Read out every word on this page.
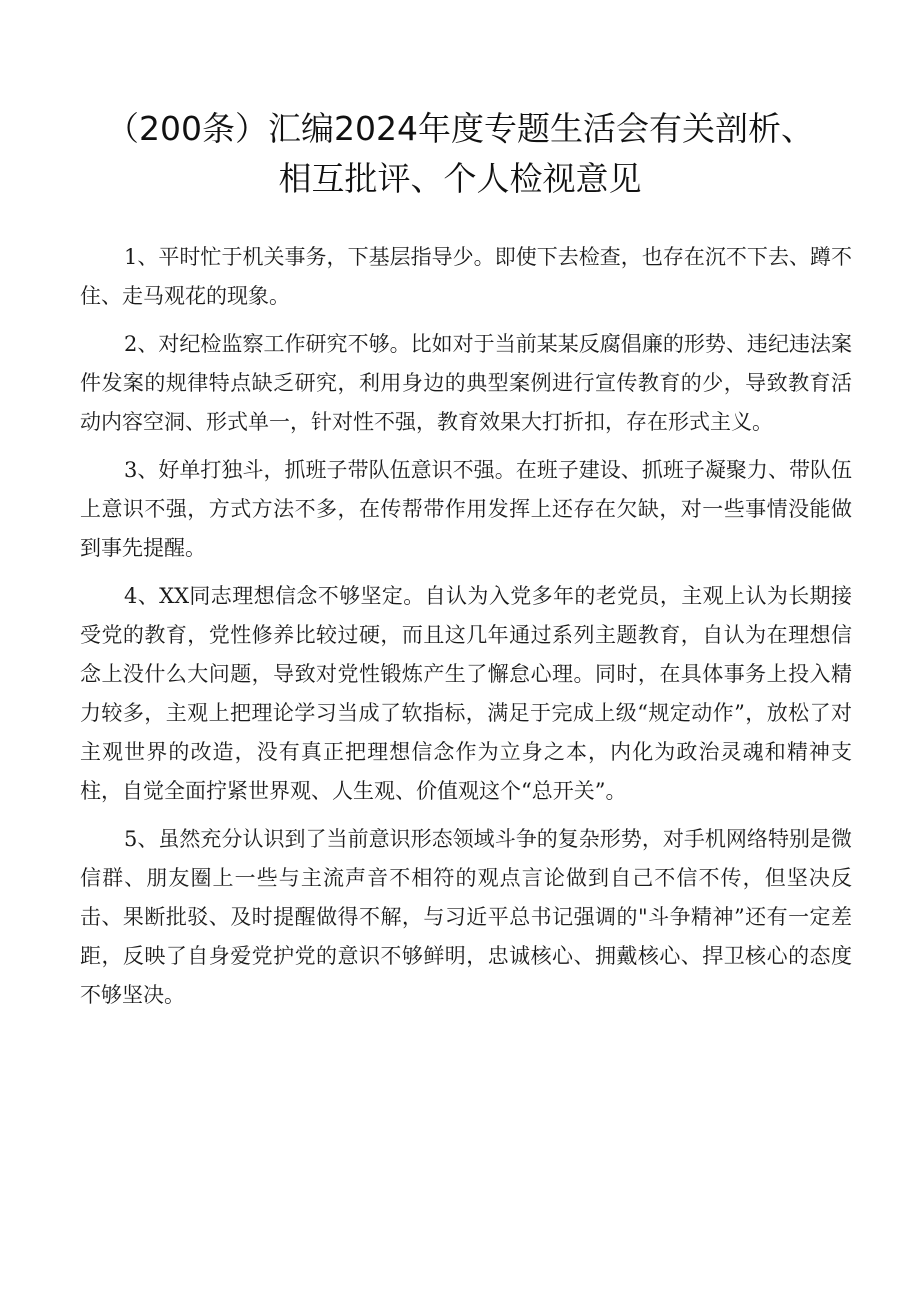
（200条）汇编2024年度专题生活会有关剖析、
相互批评、个人检视意见

1、平时忙于机关事务，下基层指导少。即使下去检查，也存在沉不下去、蹲不住、走马观花的现象。

2、对纪检监察工作研究不够。比如对于当前某某反腐倡廉的形势、违纪违法案件发案的规律特点缺乏研究，利用身边的典型案例进行宣传教育的少，导致教育活动内容空洞、形式单一，针对性不强，教育效果大打折扣，存在形式主义。

3、好单打独斗，抓班子带队伍意识不强。在班子建设、抓班子凝聚力、带队伍上意识不强，方式方法不多，在传帮带作用发挥上还存在欠缺，对一些事情没能做到事先提醒。

4、XX同志理想信念不够坚定。自认为入党多年的老党员，主观上认为长期接受党的教育，党性修养比较过硬，而且这几年通过系列主题教育，自认为在理想信念上没什么大问题，导致对党性锻炼产生了懈怠心理。同时，在具体事务上投入精力较多，主观上把理论学习当成了软指标，满足于完成上级“规定动作”，放松了对主观世界的改造，没有真正把理想信念作为立身之本，内化为政治灵魂和精神支柱，自觉全面拧紧世界观、人生观、价值观这个“总开关”。

5、虽然充分认识到了当前意识形态领域斗争的复杂形势，对手机网络特别是微信群、朋友圈上一些与主流声音不相符的观点言论做到自己不信不传，但坚决反击、果断批驳、及时提醒做得不解，与习近平总书记强调的"斗争精神”还有一定差距，反映了自身爱党护党的意识不够鲜明，忠诚核心、拥戴核心、捍卫核心的态度不够坚决。
